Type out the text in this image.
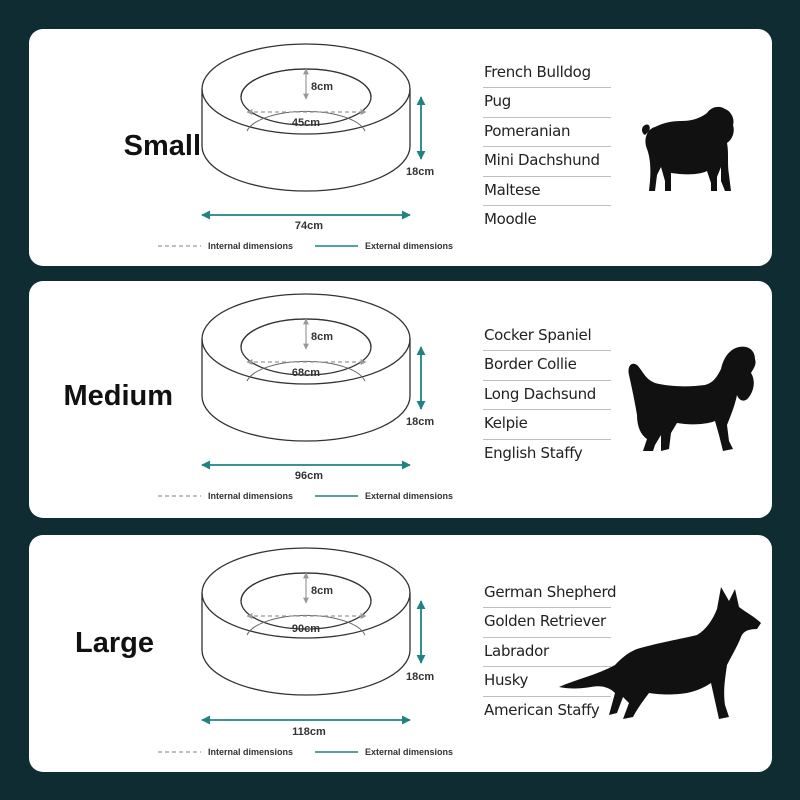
Small
8cm
45cm
18cm
74cm
Internal dimensions	External dimensions
French Bulldog
Pug
Pomeranian
Mini Dachshund
Maltese
Moodle
Medium
8cm
68cm
18cm
96cm
Internal dimensions	External dimensions
Cocker Spaniel
Border Collie
Long Dachsund
Kelpie
English Staffy
Large
8cm
90cm
18cm
118cm
Internal dimensions	External dimensions
German Shepherd
Golden Retriever
Labrador
Husky
American Staffy
